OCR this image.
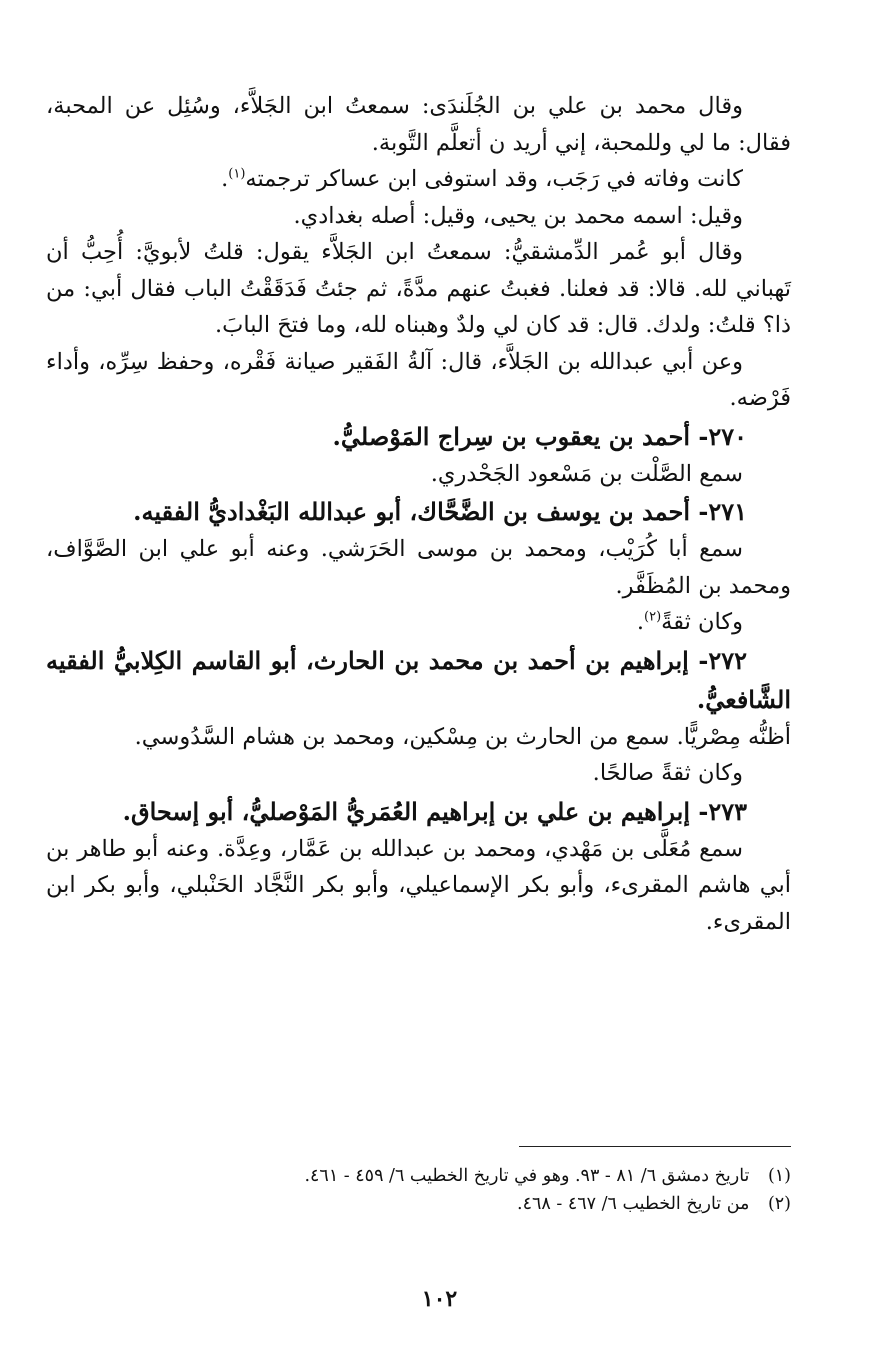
وقال محمد بن علي بن الجُلَندَى: سمعتُ ابن الجَلاَّء، وسُئِل عن المحبة، فقال: ما لي وللمحبة، إني أريد ن أتعلَّم التَّوبة.

كانت وفاته في رَجَب، وقد استوفى ابن عساكر ترجمته$^{(١)}$.

وقيل: اسمه محمد بن يحيى، وقيل: أصله بغدادي.

وقال أبو عُمر الدِّمشقيُّ: سمعتُ ابن الجَلاَّء يقول: قلتُ لأبويَّ: أُحِبُّ أن تَهباني لله. قالا: قد فعلنا. فغبتُ عنهم مدَّةً، ثم جئتُ فَدَقَقْتُ الباب فقال أبي: من ذا؟ قلتُ: ولدك. قال: قد كان لي ولدٌ وهبناه لله، وما فتحَ البابَ.

وعن أبي عبدالله بن الجَلاَّء، قال: آلةُ الفَقير صيانة فَقْره، وحفظ سِرِّه، وأداء فَرْضه.

٢٧٠- أحمد بن يعقوب بن سِراج المَوْصليُّ.

سمع الصَّلْت بن مَسْعود الجَحْدري.

٢٧١- أحمد بن يوسف بن الضَّحَّاك، أبو عبدالله البَغْداديُّ الفقيه.

سمع أبا كُرَيْب، ومحمد بن موسى الحَرَشي. وعنه أبو علي ابن الصَّوَّاف، ومحمد بن المُظَفَّر.

وكان ثقةً$^{(٢)}$.

٢٧٢- إبراهيم بن أحمد بن محمد بن الحارث، أبو القاسم الكِلابيُّ الفقيه الشَّافعيُّ.

أظنُّه مِصْريًّا. سمع من الحارث بن مِسْكين، ومحمد بن هشام السَّدُوسي.

وكان ثقةً صالحًا.

٢٧٣- إبراهيم بن علي بن إبراهيم العُمَريُّ المَوْصليُّ، أبو إسحاق.

سمع مُعَلَّى بن مَهْدي، ومحمد بن عبدالله بن عَمَّار، وعِدَّة. وعنه أبو طاهر بن أبي هاشم المقرىء، وأبو بكر الإسماعيلي، وأبو بكر النَّجَّاد الحَنْبلي، وأبو بكر ابن المقرىء.

(١) تاريخ دمشق ٦/ ٨١ - ٩٣. وهو في تاريخ الخطيب ٦/ ٤٥٩ - ٤٦١.

(٢) من تاريخ الخطيب ٦/ ٤٦٧ - ٤٦٨.

١٠٢
